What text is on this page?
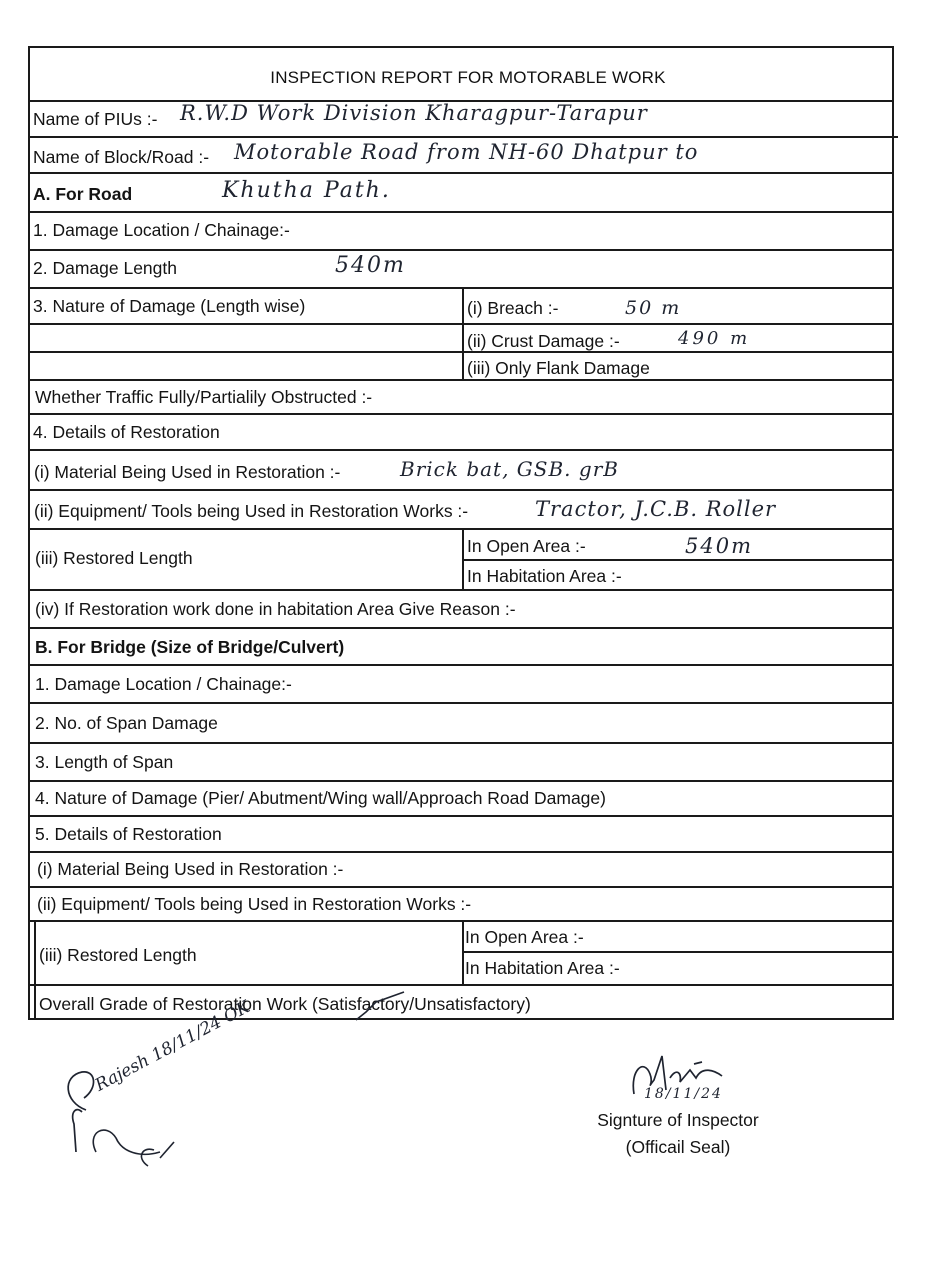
INSPECTION REPORT FOR MOTORABLE WORK
Name of PIUs :-
Name of Block/Road :-
A. For Road
1. Damage Location / Chainage:-
2. Damage Length
3. Nature of Damage (Length wise)	(i) Breach :-
(ii) Crust Damage :-
(iii) Only Flank Damage
Whether Traffic Fully/Partialily Obstructed :-
4. Details of Restoration
(i) Material Being Used in Restoration :-
(ii) Equipment/ Tools being Used in Restoration Works :-
(iii) Restored Length
In Open Area :-
In Habitation Area :-
(iv) If Restoration work done in habitation Area Give Reason :-
B. For Bridge (Size of Bridge/Culvert)
1. Damage Location / Chainage:-
2. No. of Span Damage
3. Length of Span
4. Nature of Damage (Pier/ Abutment/Wing wall/Approach Road Damage)
5. Details of Restoration
(i) Material Being Used in Restoration :-
(ii) Equipment/ Tools being Used in Restoration Works :-
(iii) Restored Length
In Open Area :-
In Habitation Area :-
Overall Grade of Restoration Work (Satisfactory/Unsatisfactory)
R.W.D Work Division Kharagpur-Tarapur
Motorable Road from NH-60 Dhatpur to
Khutha Path.
540m
50 m
490 m
Brick bat, GSB. grB
Tractor, J.C.B. Roller
540m
Rajesh 18/11/24 OK	18/11/24
Signture of Inspector
(Officail Seal)
